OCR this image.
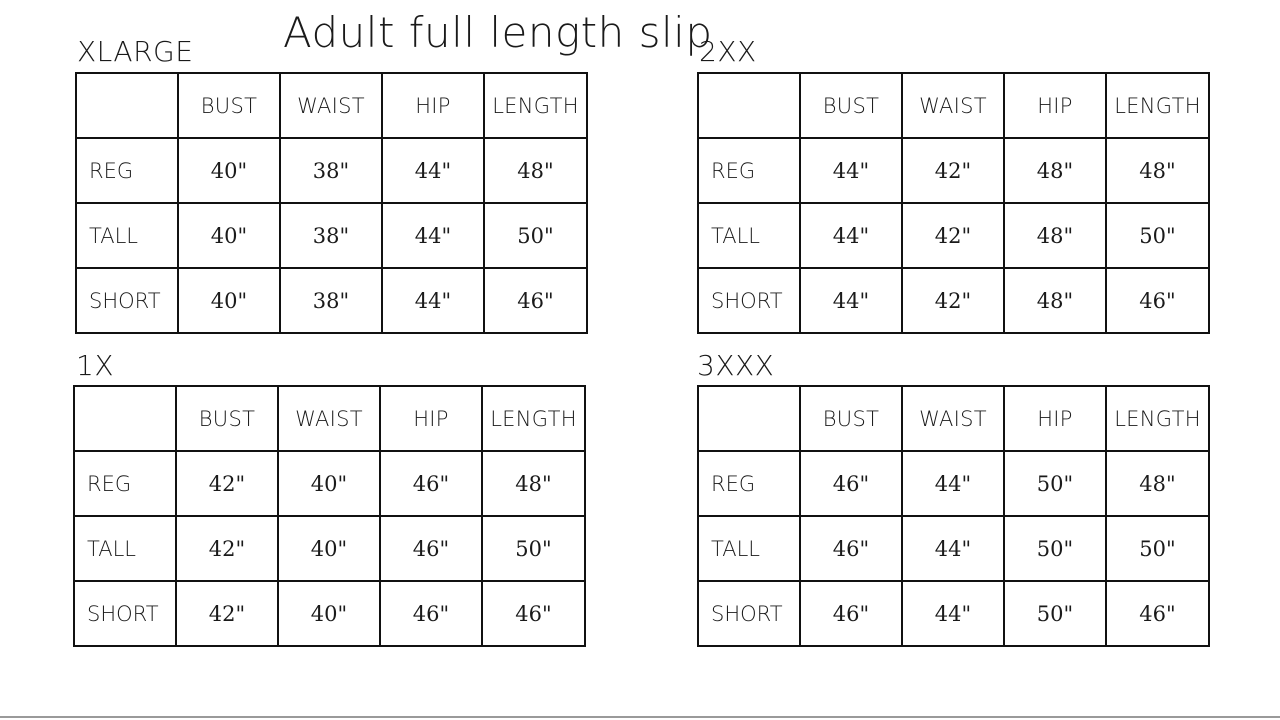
Adult full length slip
XLARGE
	BUST	WAIST	HIP	LENGTH
REG	40"	38"	44"	48"
TALL	40"	38"	44"	50"
SHORT	40"	38"	44"	46"
2XX
	BUST	WAIST	HIP	LENGTH
REG	44"	42"	48"	48"
TALL	44"	42"	48"	50"
SHORT	44"	42"	48"	46"
1X
	BUST	WAIST	HIP	LENGTH
REG	42"	40"	46"	48"
TALL	42"	40"	46"	50"
SHORT	42"	40"	46"	46"
3XXX
	BUST	WAIST	HIP	LENGTH
REG	46"	44"	50"	48"
TALL	46"	44"	50"	50"
SHORT	46"	44"	50"	46"
